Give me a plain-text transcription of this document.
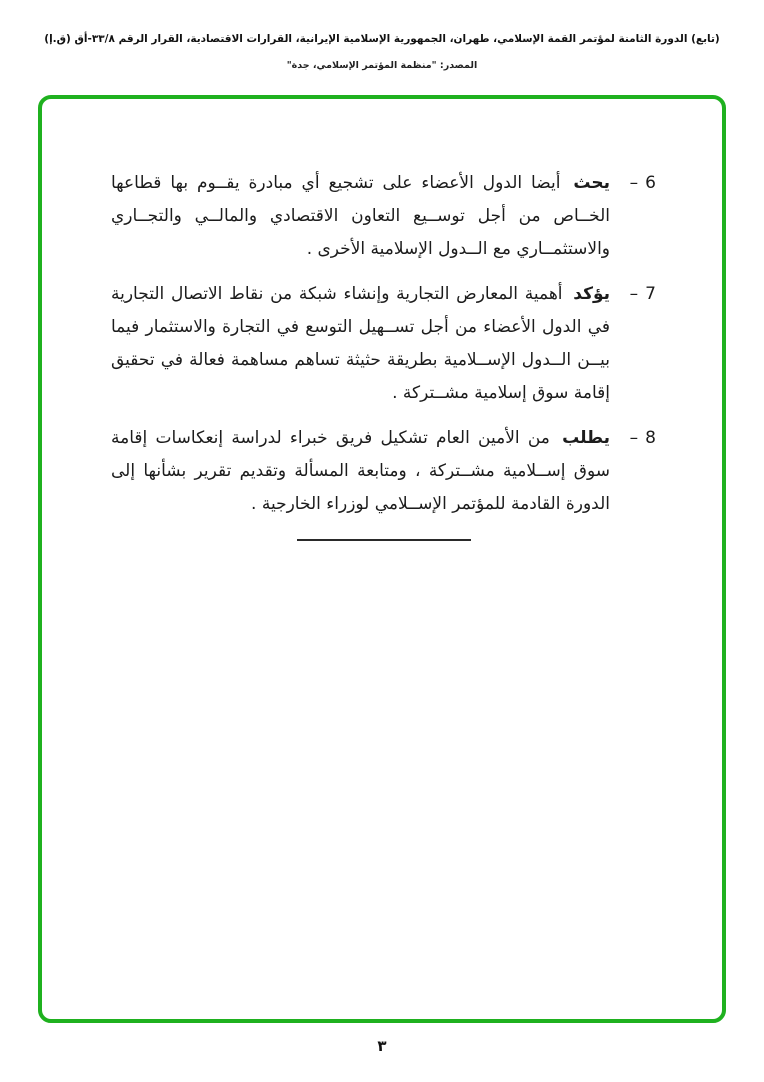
(تابع) الدورة الثامنة لمؤتمر القمة الإسلامي، طهران، الجمهورية الإسلامية الإيرانية، القرارات الاقتصادية، القرار الرقم ٣٣/٨-أق (ق.إ)
المصدر: "منظمة المؤتمر الإسلامي، جدة"
– 6
يحث أيضا الدول الأعضاء على تشجيع أي مبادرة يقــوم بها قطاعها الخــاص من أجل توســيع التعاون الاقتصادي والمالــي والتجــاري والاستثمــاري مع الــدول الإسلامية الأخرى .
– 7
يؤكد أهمية المعارض التجارية وإنشاء شبكة من نقاط الاتصال التجارية في الدول الأعضاء من أجل تســهيل التوسع في التجارة والاستثمار فيما بيــن الــدول الإســلامية بطريقة حثيثة تساهم مساهمة فعالة في تحقيق إقامة سوق إسلامية مشــتركة .
– 8
يطلب من الأمين العام تشكيل فريق خبراء لدراسة إنعكاسات إقامة سوق إســلامية مشــتركة ، ومتابعة المسألة وتقديم تقرير بشأنها إلى الدورة القادمة للمؤتمر الإســلامي لوزراء الخارجية .
٣
